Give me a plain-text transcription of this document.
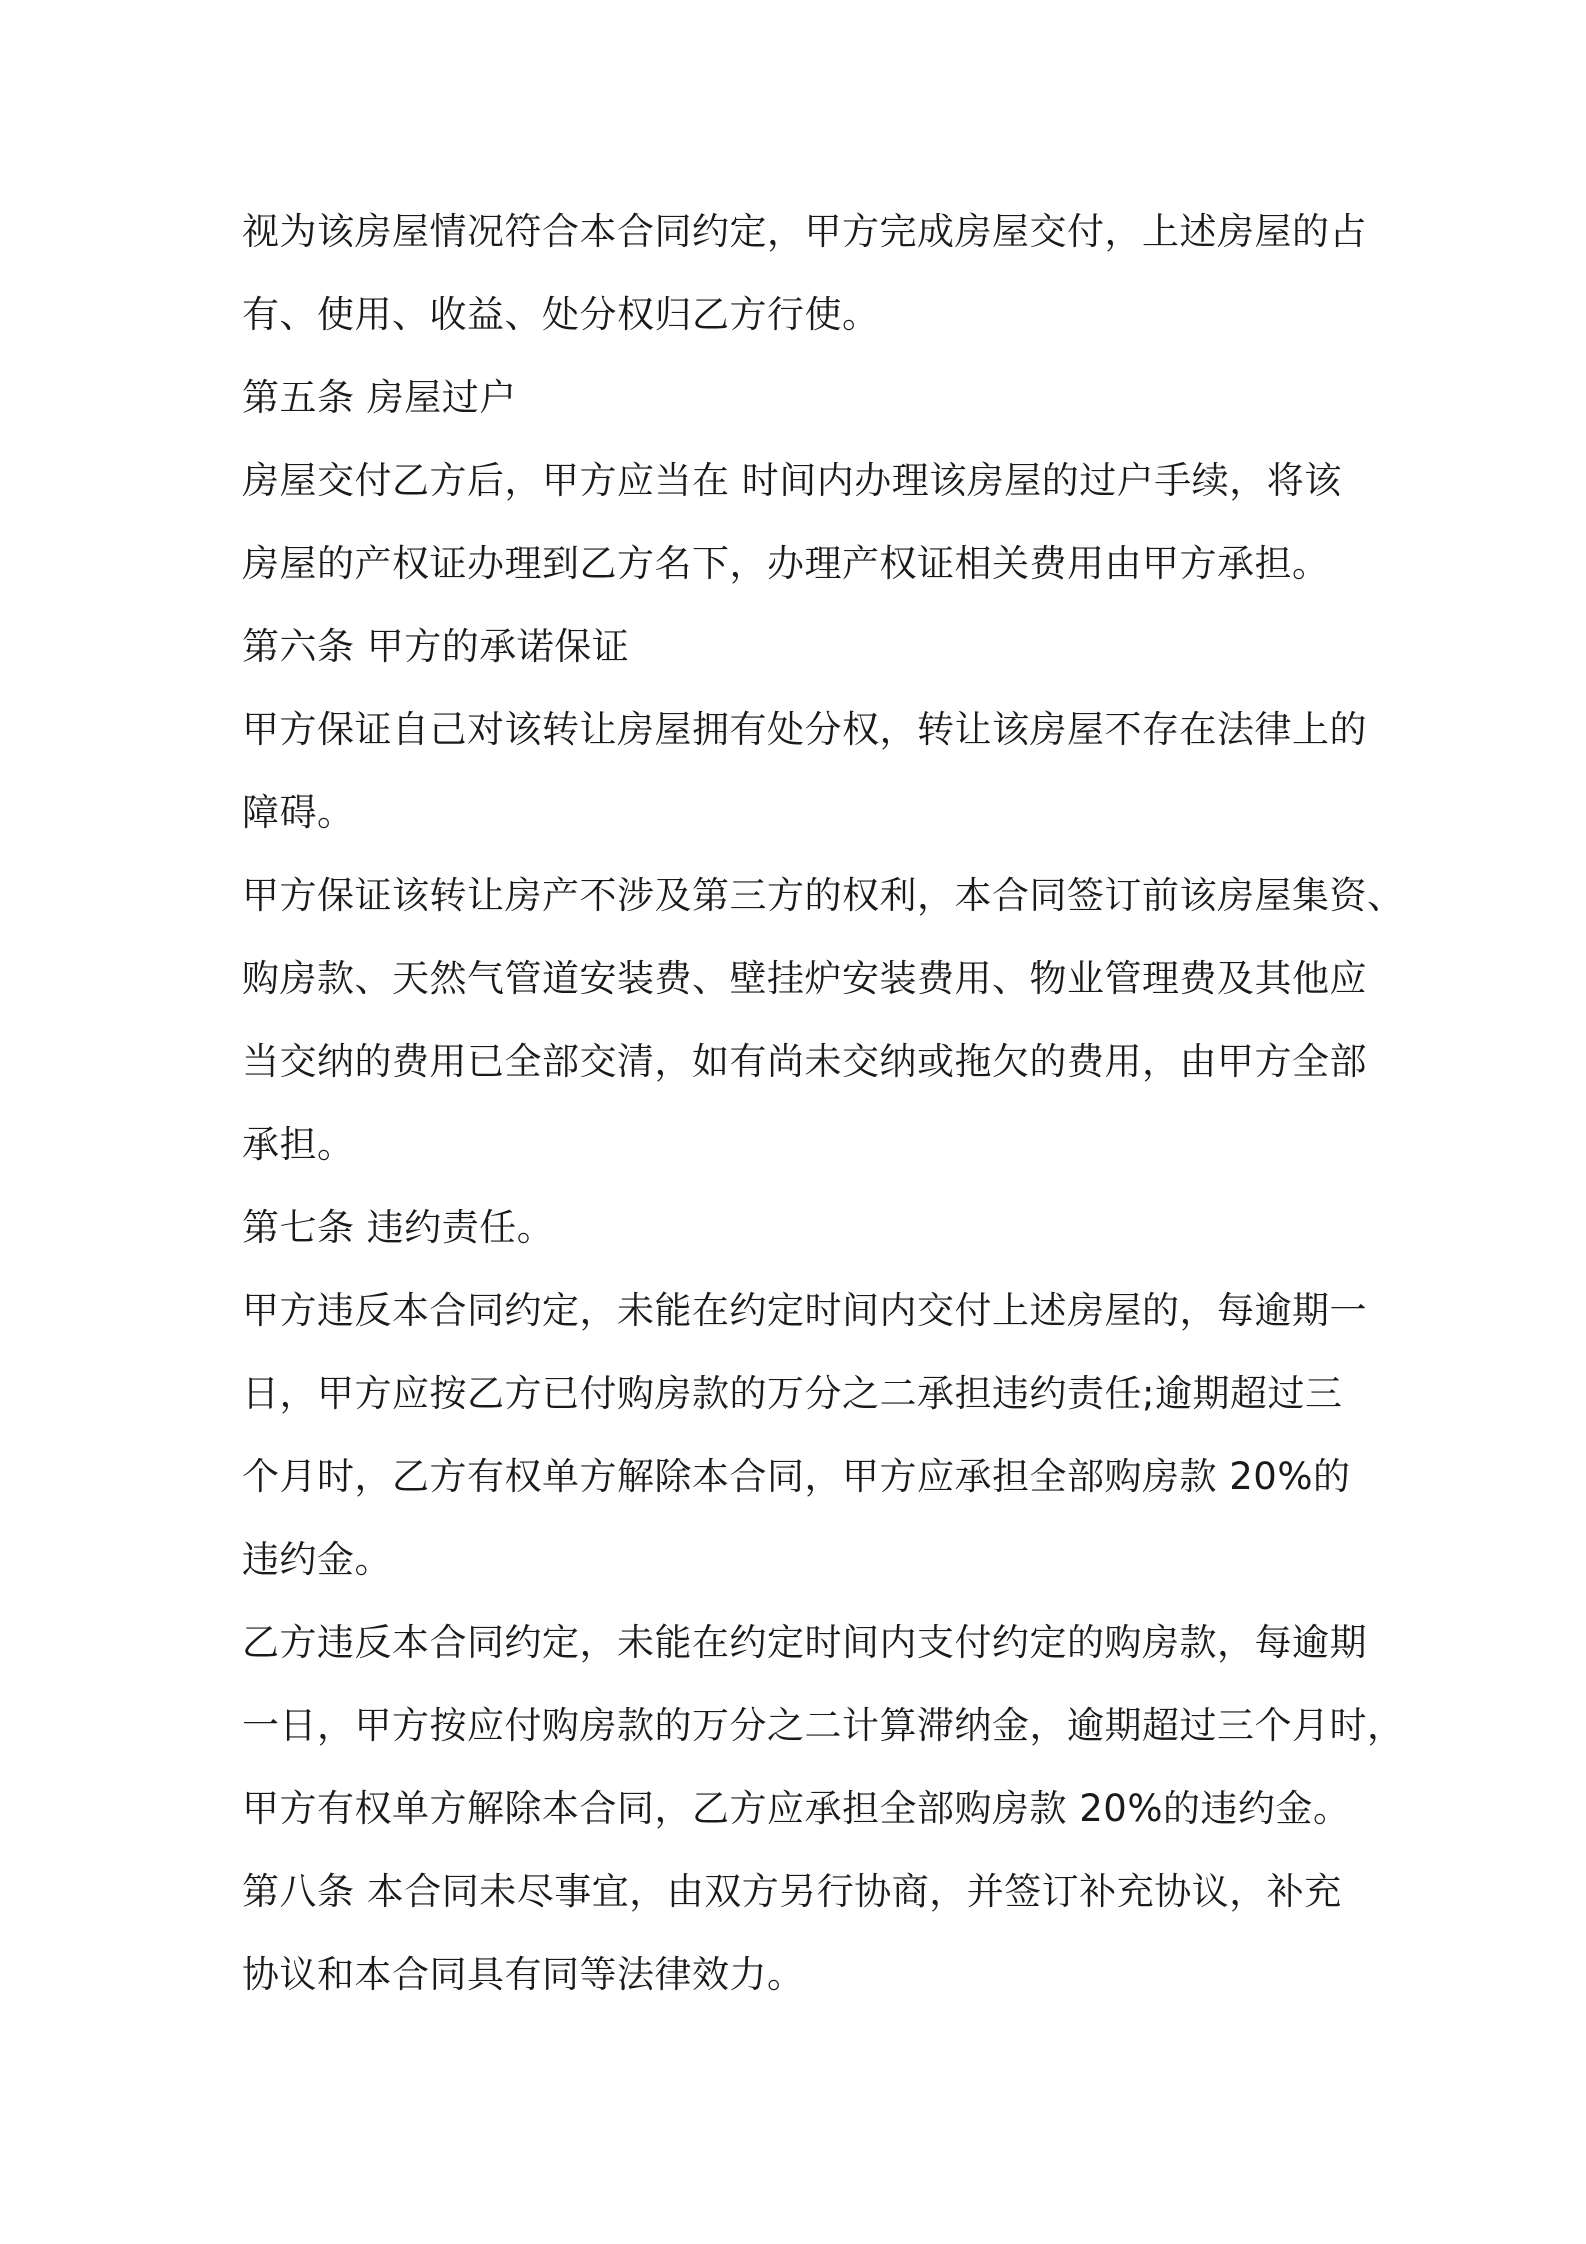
视为该房屋情况符合本合同约定，甲方完成房屋交付，上述房屋的占
有、使用、收益、处分权归乙方行使。
第五条 房屋过户
房屋交付乙方后，甲方应当在 时间内办理该房屋的过户手续，将该
房屋的产权证办理到乙方名下，办理产权证相关费用由甲方承担。
第六条 甲方的承诺保证
甲方保证自己对该转让房屋拥有处分权，转让该房屋不存在法律上的
障碍。
甲方保证该转让房产不涉及第三方的权利，本合同签订前该房屋集资、
购房款、天然气管道安装费、壁挂炉安装费用、物业管理费及其他应
当交纳的费用已全部交清，如有尚未交纳或拖欠的费用，由甲方全部
承担。
第七条 违约责任。
甲方违反本合同约定，未能在约定时间内交付上述房屋的，每逾期一
日，甲方应按乙方已付购房款的万分之二承担违约责任;逾期超过三
个月时，乙方有权单方解除本合同，甲方应承担全部购房款 20%的
违约金。
乙方违反本合同约定，未能在约定时间内支付约定的购房款，每逾期
一日，甲方按应付购房款的万分之二计算滞纳金，逾期超过三个月时，
甲方有权单方解除本合同，乙方应承担全部购房款 20%的违约金。
第八条 本合同未尽事宜，由双方另行协商，并签订补充协议，补充
协议和本合同具有同等法律效力。
